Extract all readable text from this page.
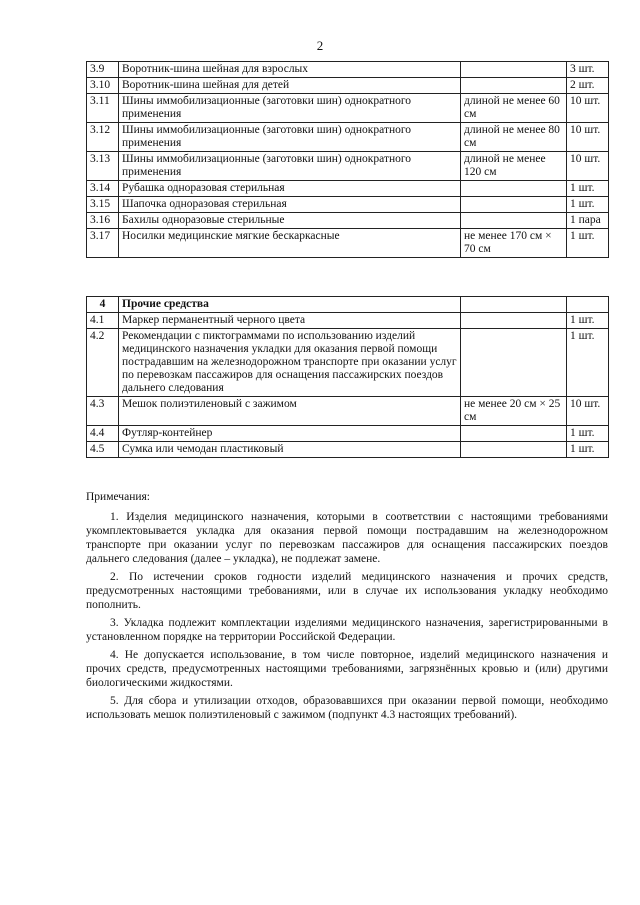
2
3.9	Воротник-шина шейная для взрослых		3 шт.
3.10	Воротник-шина шейная для детей		2 шт.
3.11	Шины иммобилизационные (заготовки шин) однократного применения	длиной не менее 60 см	10 шт.
3.12	Шины иммобилизационные (заготовки шин) однократного применения	длиной не менее 80 см	10 шт.
3.13	Шины иммобилизационные (заготовки шин) однократного применения	длиной не менее 120 см	10 шт.
3.14	Рубашка одноразовая стерильная		1 шт.
3.15	Шапочка одноразовая стерильная		1 шт.
3.16	Бахилы одноразовые стерильные		1 пара
3.17	Носилки медицинские мягкие бескаркасные	не менее 170 см × 70 см	1 шт.
4	Прочие средства		
4.1	Маркер перманентный черного цвета		1 шт.
4.2	Рекомендации с пиктограммами по использованию изделий медицинского назначения укладки для оказания первой помощи пострадавшим на железнодорожном транспорте при оказании услуг по перевозкам пассажиров для оснащения пассажирских поездов дальнего следования		1 шт.
4.3	Мешок полиэтиленовый с зажимом	не менее 20 см × 25 см	10 шт.
4.4	Футляр-контейнер		1 шт.
4.5	Сумка или чемодан пластиковый		1 шт.

Примечания:

1. Изделия медицинского назначения, которыми в соответствии с настоящими требованиями укомплектовывается укладка для оказания первой помощи пострадавшим на железнодорожном транспорте при оказании услуг по перевозкам пассажиров для оснащения пассажирских поездов дальнего следования (далее – укладка), не подлежат замене.

2. По истечении сроков годности изделий медицинского назначения и прочих средств, предусмотренных настоящими требованиями, или в случае их использования укладку необходимо пополнить.

3. Укладка подлежит комплектации изделиями медицинского назначения, зарегистрированными в установленном порядке на территории Российской Федерации.

4. Не допускается использование, в том числе повторное, изделий медицинского назначения и прочих средств, предусмотренных настоящими требованиями, загрязнённых кровью и (или) другими биологическими жидкостями.

5. Для сбора и утилизации отходов, образовавшихся при оказании первой помощи, необходимо использовать мешок полиэтиленовый с зажимом (подпункт 4.3 настоящих требований).
